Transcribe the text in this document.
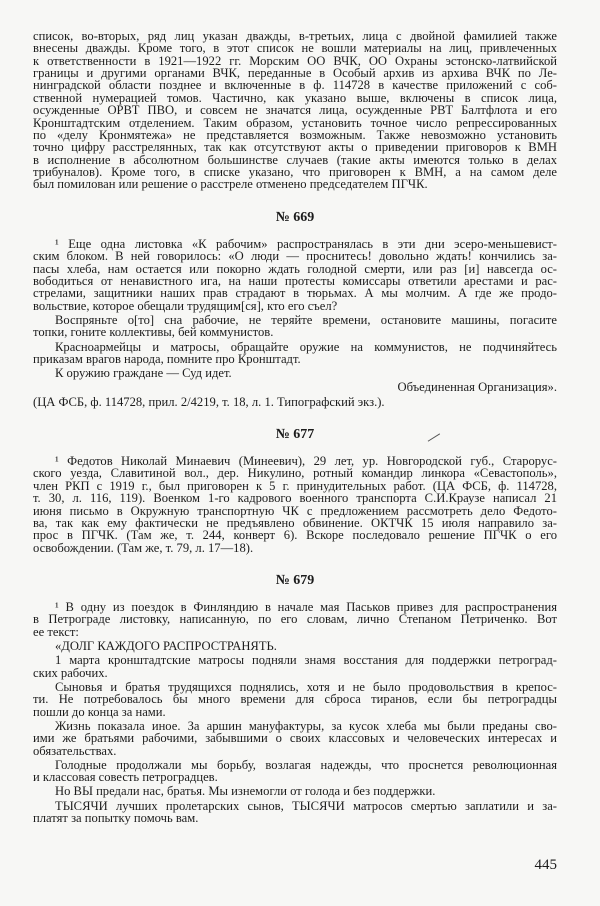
список, во-вторых, ряд лиц указан дважды, в-третьих, лица с двойной фамилией также
внесены дважды. Кроме того, в этот список не вошли материалы на лиц, привлеченных
к ответственности в 1921—1922 гг. Морским ОО ВЧК, ОО Охраны эстонско-латвийской
границы и другими органами ВЧК, переданные в Особый архив из архива ВЧК по Ле-
нинградской области позднее и включенные в ф. 114728 в качестве приложений с соб-
ственной нумерацией томов. Частично, как указано выше, включены в список лица,
осужденные ОРВТ ПВО, и совсем не значатся лица, осужденные РВТ Балтфлота и его
Кронштадтским отделением. Таким образом, установить точное число репрессированных
по «делу Кронмятежа» не представляется возможным. Также невозможно установить
точно цифру расстрелянных, так как отсутствуют акты о приведении приговоров к ВМН
в исполнение в абсолютном большинстве случаев (такие акты имеются только в делах
трибуналов). Кроме того, в списке указано, что приговорен к ВМН, а на самом деле
был помилован или решение о расстреле отменено председателем ПГЧК.
№ 669
¹ Еще одна листовка «К рабочим» распространялась в эти дни эсеро-меньшевист-
ским блоком. В ней говорилось: «О люди — проснитесь! довольно ждать! кончились за-
пасы хлеба, нам остается или покорно ждать голодной смерти, или раз [и] навсегда ос-
вободиться от ненавистного ига, на наши протесты комиссары ответили арестами и рас-
стрелами, защитники наших прав страдают в тюрьмах. А мы молчим. А где же продо-
вольствие, которое обещали трудящим[ся], кто его съел?
Воспряньте о[то] сна рабочие, не теряйте времени, остановите машины, погасите
топки, гоните коллективы, бей коммунистов.
Красноармейцы и матросы, обращайте оружие на коммунистов, не подчиняйтесь
приказам врагов народа, помните про Кронштадт.
К оружию граждане — Суд идет.
Объединенная Организация».
(ЦА ФСБ, ф. 114728, прил. 2/4219, т. 18, л. 1. Типографский экз.).
№ 677
¹ Федотов Николай Минаевич (Минеевич), 29 лет, ур. Новгородской губ., Старорус-
ского уезда, Славитиной вол., дер. Никулино, ротный командир линкора «Севастополь»,
член РКП с 1919 г., был приговорен к 5 г. принудительных работ. (ЦА ФСБ, ф. 114728,
т. 30, л. 116, 119). Военком 1-го кадрового военного транспорта С.И.Краузе написал 21
июня письмо в Окружную транспортную ЧК с предложением рассмотреть дело Федото-
ва, так как ему фактически не предъявлено обвинение. ОКТЧК 15 июля направило за-
прос в ПГЧК. (Там же, т. 244, конверт 6). Вскоре последовало решение ПГЧК о его
освобождении. (Там же, т. 79, л. 17—18).
№ 679
¹ В одну из поездок в Финляндию в начале мая Паськов привез для распространения
в Петрограде листовку, написанную, по его словам, лично Степаном Петриченко. Вот
ее текст:
«ДОЛГ КАЖДОГО РАСПРОСТРАНЯТЬ.
1 марта кронштадтские матросы подняли знамя восстания для поддержки петроград-
ских рабочих.
Сыновья и братья трудящихся поднялись, хотя и не было продовольствия в крепос-
ти. Не потребовалось бы много времени для сброса тиранов, если бы петроградцы
пошли до конца за нами.
Жизнь показала иное. За аршин мануфактуры, за кусок хлеба мы были преданы сво-
ими же братьями рабочими, забывшими о своих классовых и человеческих интересах и
обязательствах.
Голодные продолжали мы борьбу, возлагая надежды, что проснется революционная
и классовая совесть петроградцев.
Но ВЫ предали нас, братья. Мы изнемогли от голода и без поддержки.
ТЫСЯЧИ лучших пролетарских сынов, ТЫСЯЧИ матросов смертью заплатили и за-
платят за попытку помочь вам.
445
